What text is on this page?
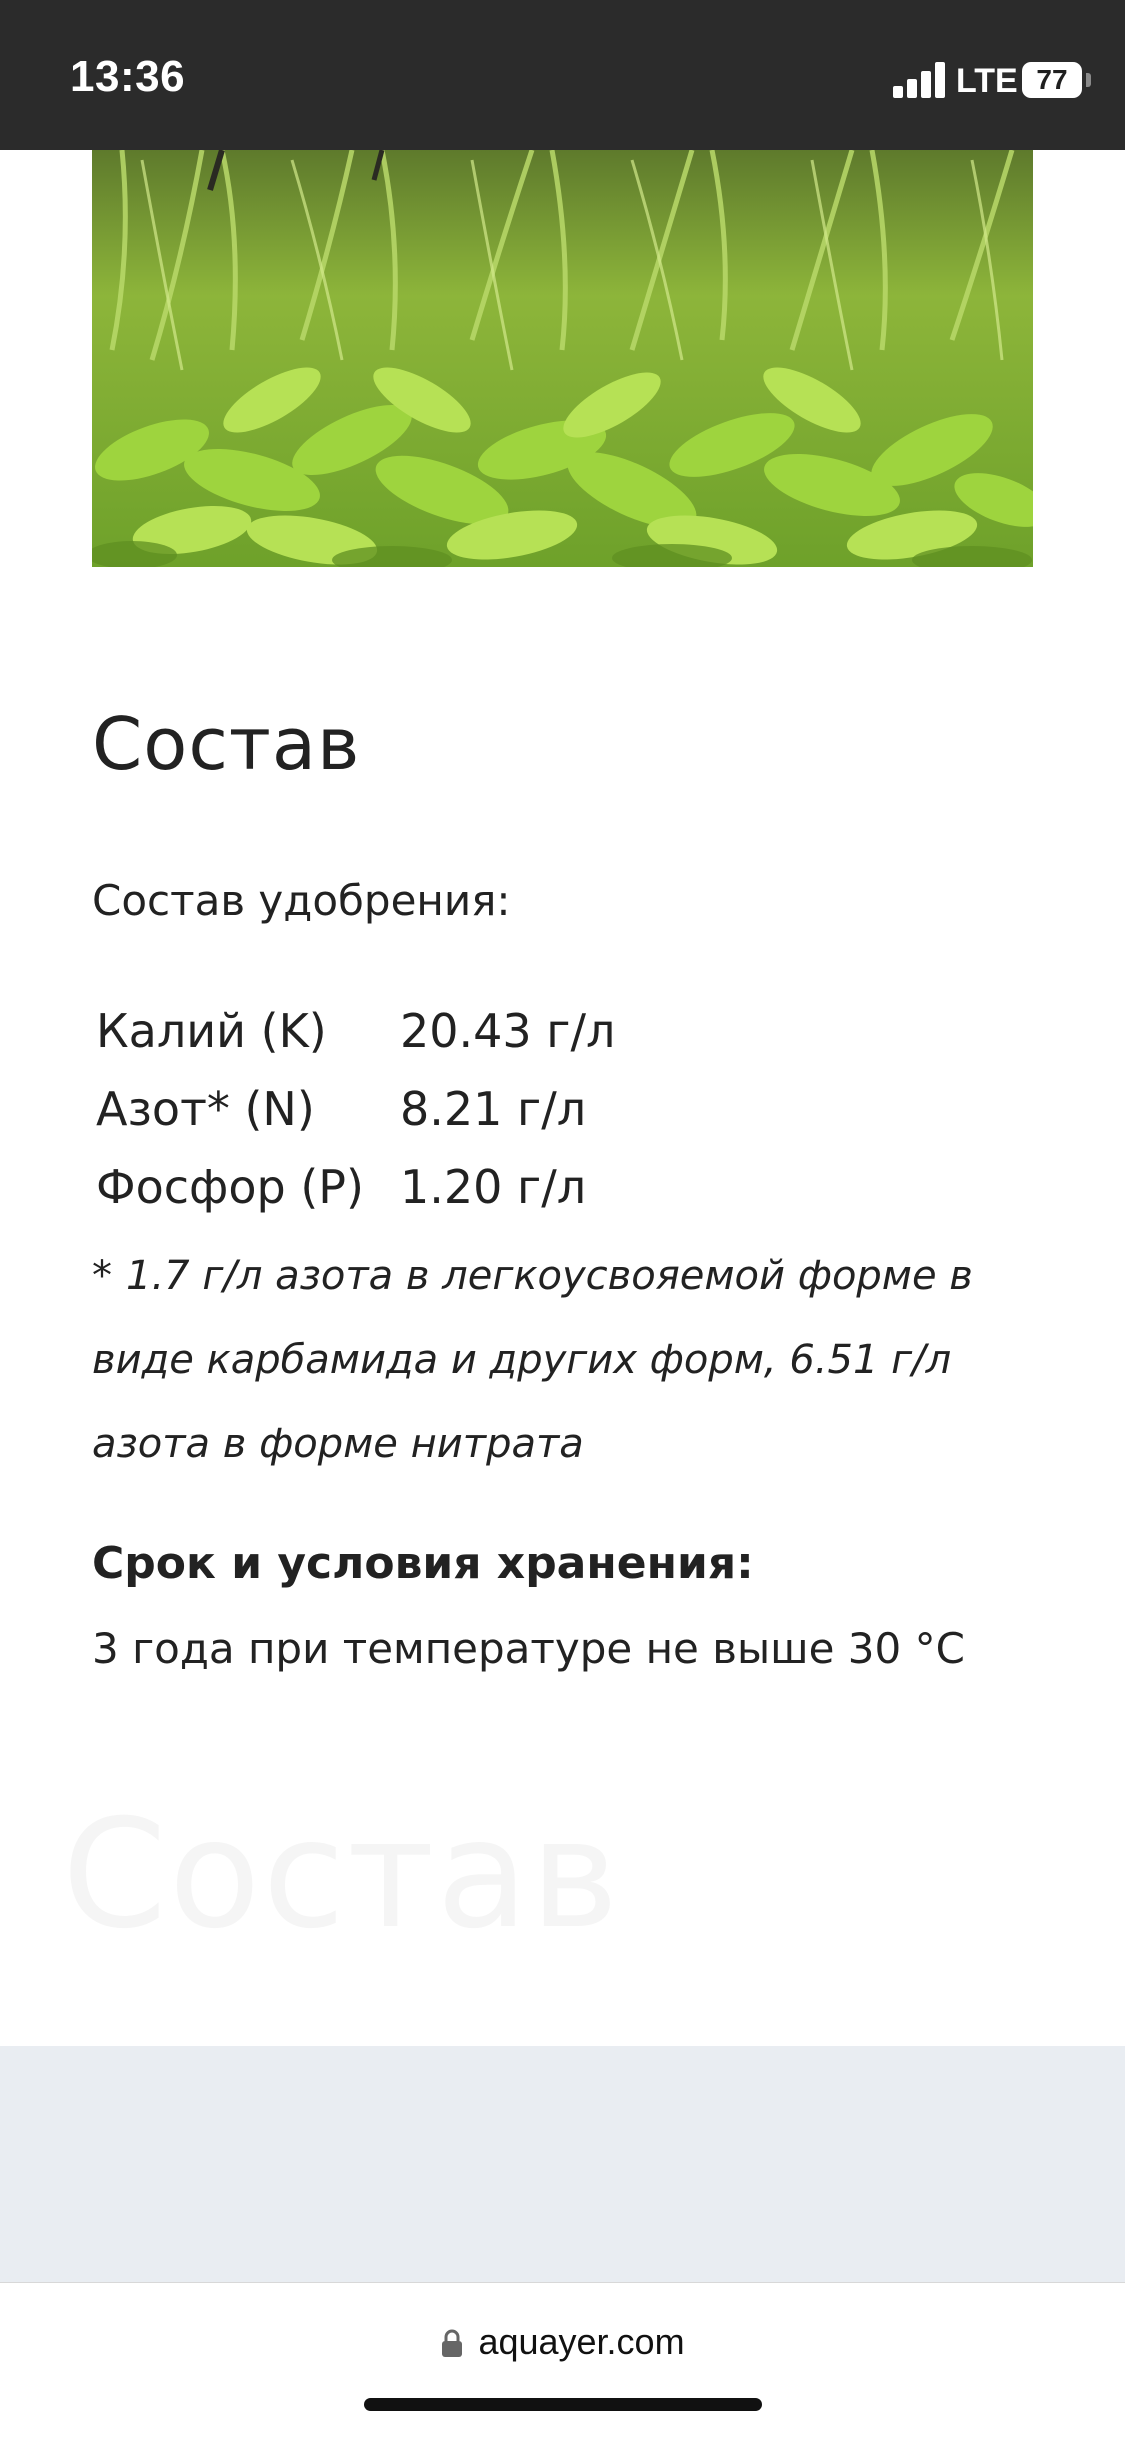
13:36	LTE 77
Состав
Состав удобрения:
Калий (K) 20.43 г/л
Азот* (N) 8.21 г/л
Фосфор (P) 1.20 г/л
* 1.7 г/л азота в легкоусвояемой форме в виде карбамида и других форм, 6.51 г/л азота в форме нитрата
Срок и условия хранения:
3 года при температуре не выше 30 °C
Состав
aquayer.com
